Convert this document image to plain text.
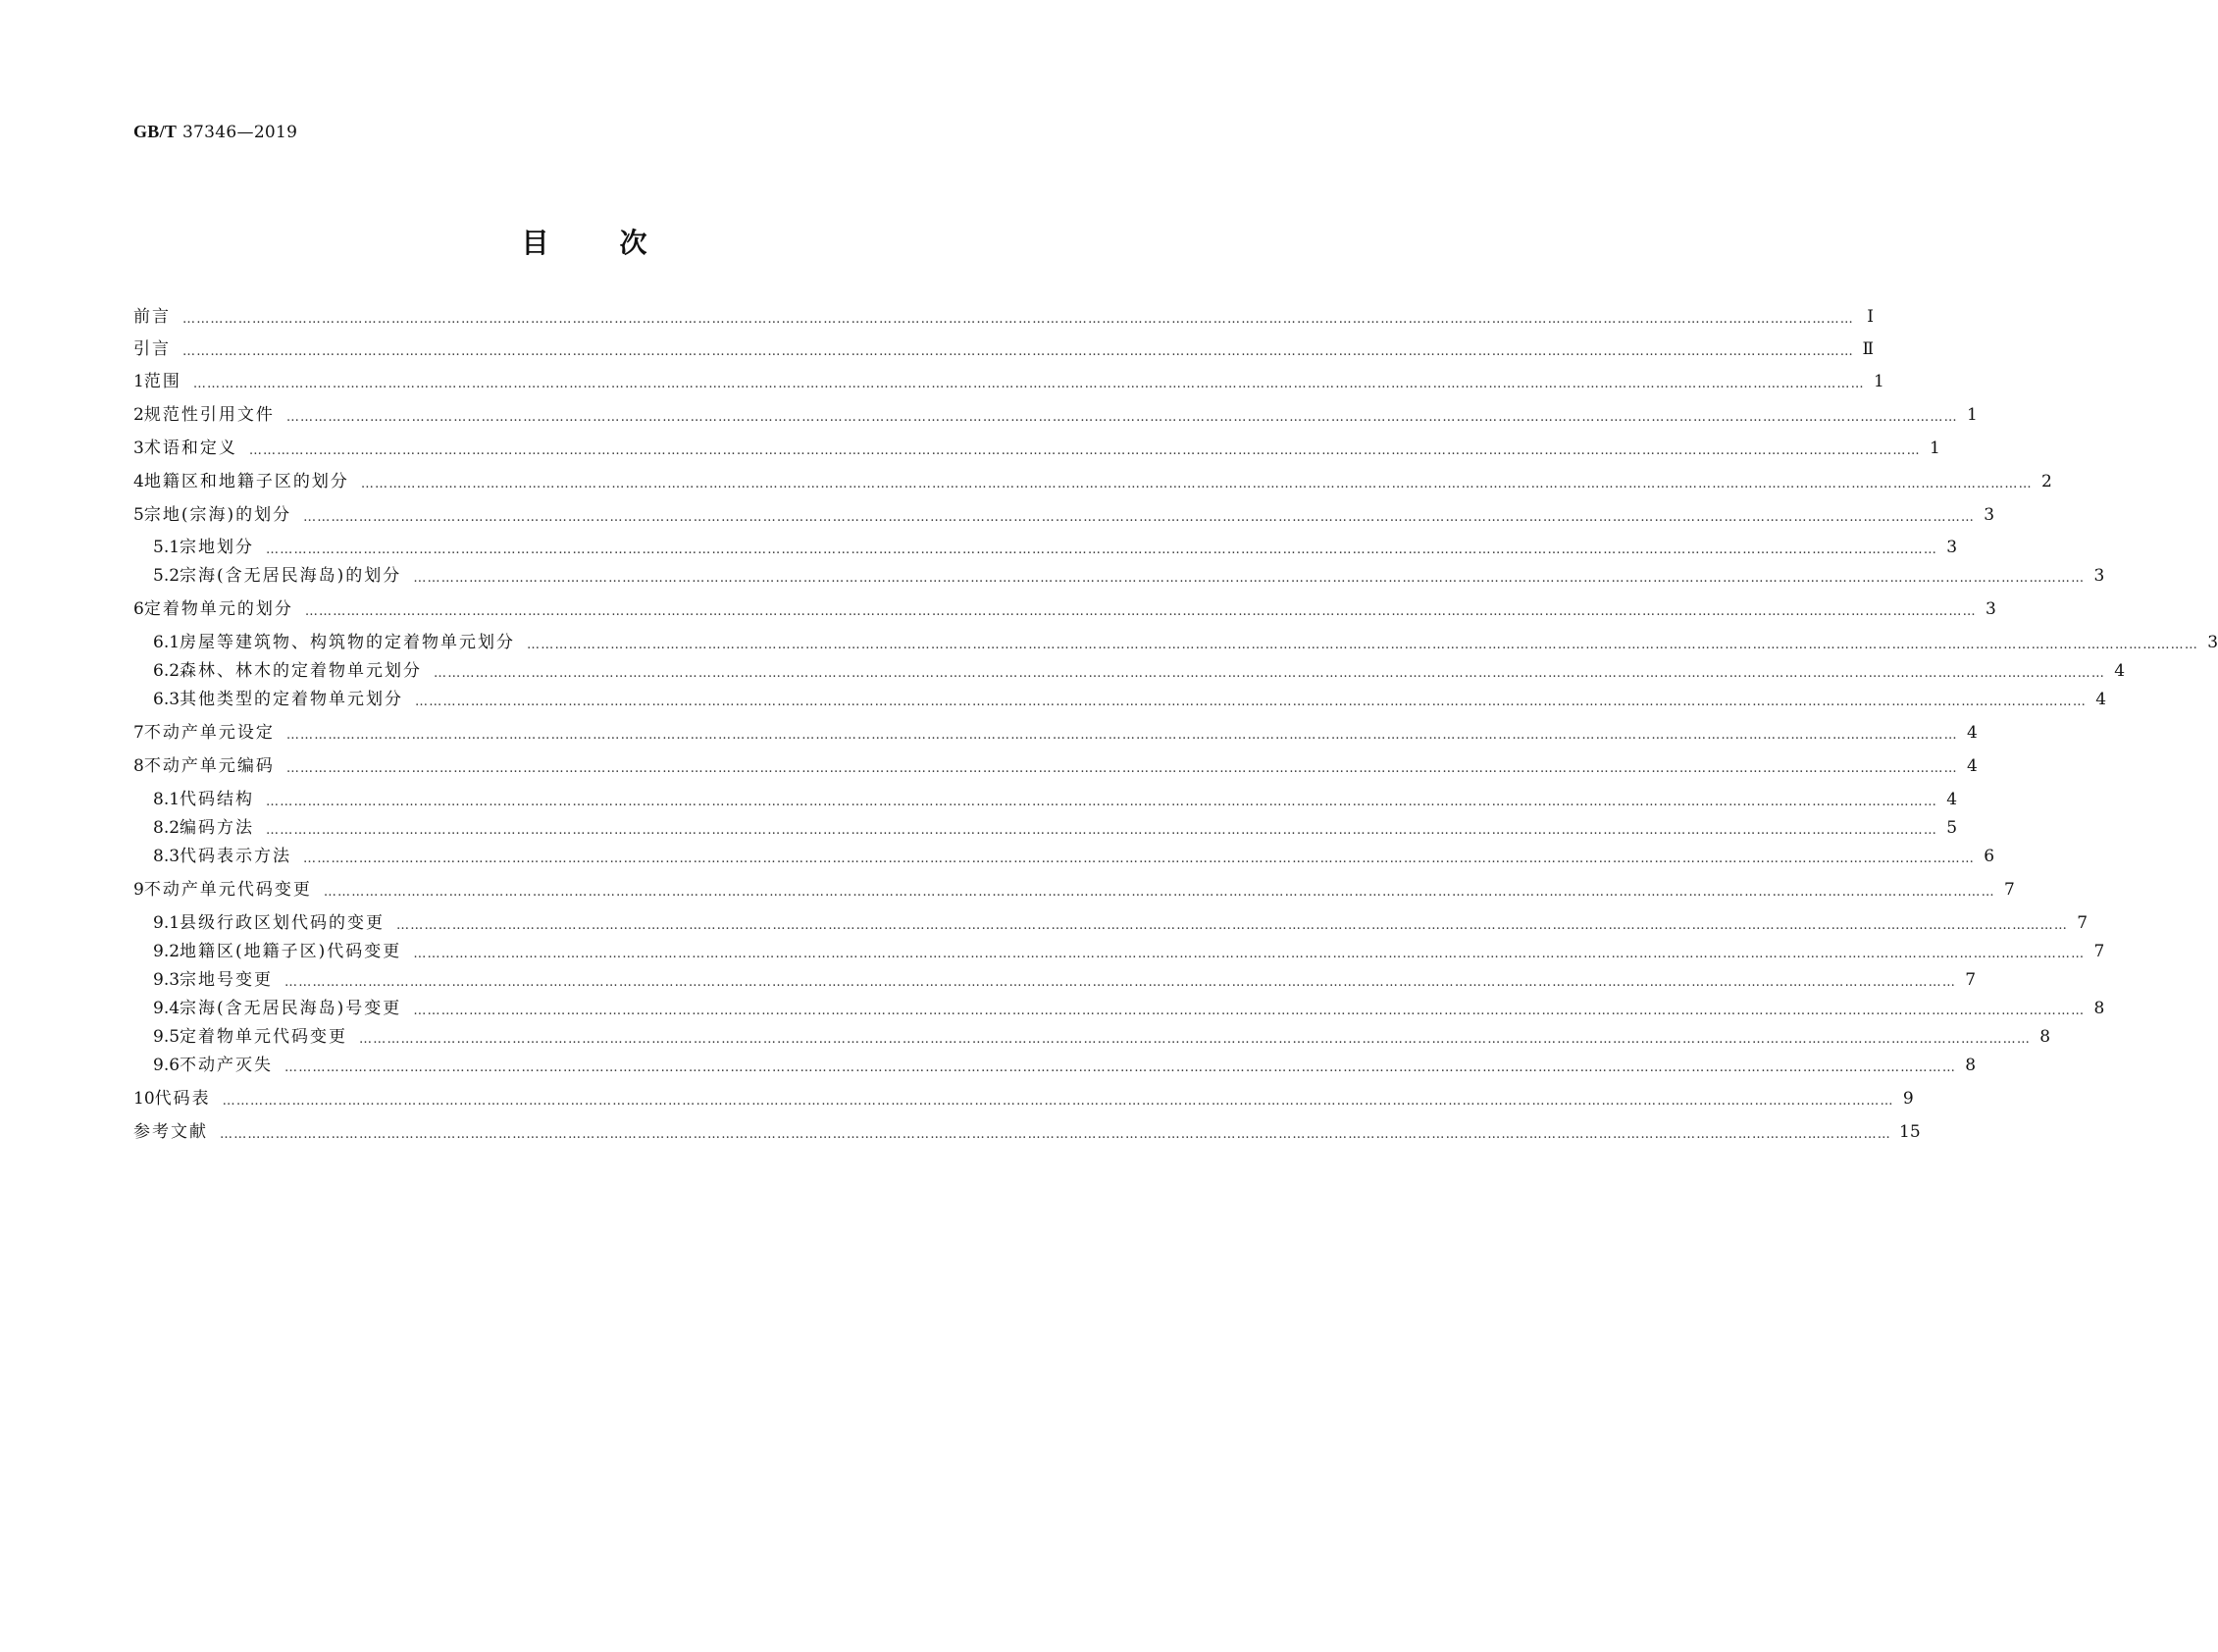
GB/T 37346—2019
目	次
前言 ……………………………………………………………………………………………………………………………………………………………………………………………………………………………………………………………………………………………………………………………… Ⅰ
引言 ……………………………………………………………………………………………………………………………………………………………………………………………………………………………………………………………………………………………………………………………… Ⅱ
1 范围 ……………………………………………………………………………………………………………………………………………………………………………………………………………………………………………………………………………………………………………………………… 1
2 规范性引用文件 ……………………………………………………………………………………………………………………………………………………………………………………………………………………………………………………………………………………………………………………………… 1
3 术语和定义 ……………………………………………………………………………………………………………………………………………………………………………………………………………………………………………………………………………………………………………………………… 1
4 地籍区和地籍子区的划分 ……………………………………………………………………………………………………………………………………………………………………………………………………………………………………………………………………………………………………………………………… 2
5 宗地(宗海)的划分 ……………………………………………………………………………………………………………………………………………………………………………………………………………………………………………………………………………………………………………………………… 3
5.1 宗地划分 ……………………………………………………………………………………………………………………………………………………………………………………………………………………………………………………………………………………………………………………………… 3
5.2 宗海(含无居民海岛)的划分 ……………………………………………………………………………………………………………………………………………………………………………………………………………………………………………………………………………………………………………………………… 3
6 定着物单元的划分 ……………………………………………………………………………………………………………………………………………………………………………………………………………………………………………………………………………………………………………………………… 3
6.1 房屋等建筑物、构筑物的定着物单元划分 ……………………………………………………………………………………………………………………………………………………………………………………………………………………………………………………………………………………………………………………………… 3
6.2 森林、林木的定着物单元划分 ……………………………………………………………………………………………………………………………………………………………………………………………………………………………………………………………………………………………………………………………… 4
6.3 其他类型的定着物单元划分 ……………………………………………………………………………………………………………………………………………………………………………………………………………………………………………………………………………………………………………………………… 4
7 不动产单元设定 ……………………………………………………………………………………………………………………………………………………………………………………………………………………………………………………………………………………………………………………………… 4
8 不动产单元编码 ……………………………………………………………………………………………………………………………………………………………………………………………………………………………………………………………………………………………………………………………… 4
8.1 代码结构 ……………………………………………………………………………………………………………………………………………………………………………………………………………………………………………………………………………………………………………………………… 4
8.2 编码方法 ……………………………………………………………………………………………………………………………………………………………………………………………………………………………………………………………………………………………………………………………… 5
8.3 代码表示方法 ……………………………………………………………………………………………………………………………………………………………………………………………………………………………………………………………………………………………………………………………… 6
9 不动产单元代码变更 ……………………………………………………………………………………………………………………………………………………………………………………………………………………………………………………………………………………………………………………………… 7
9.1 县级行政区划代码的变更 ……………………………………………………………………………………………………………………………………………………………………………………………………………………………………………………………………………………………………………………………… 7
9.2 地籍区(地籍子区)代码变更 ……………………………………………………………………………………………………………………………………………………………………………………………………………………………………………………………………………………………………………………………… 7
9.3 宗地号变更 ……………………………………………………………………………………………………………………………………………………………………………………………………………………………………………………………………………………………………………………………… 7
9.4 宗海(含无居民海岛)号变更 ……………………………………………………………………………………………………………………………………………………………………………………………………………………………………………………………………………………………………………………………… 8
9.5 定着物单元代码变更 ……………………………………………………………………………………………………………………………………………………………………………………………………………………………………………………………………………………………………………………………… 8
9.6 不动产灭失 ……………………………………………………………………………………………………………………………………………………………………………………………………………………………………………………………………………………………………………………………… 8
10 代码表 ……………………………………………………………………………………………………………………………………………………………………………………………………………………………………………………………………………………………………………………………… 9
参考文献 ……………………………………………………………………………………………………………………………………………………………………………………………………………………………………………………………………………………………………………………………… 15
